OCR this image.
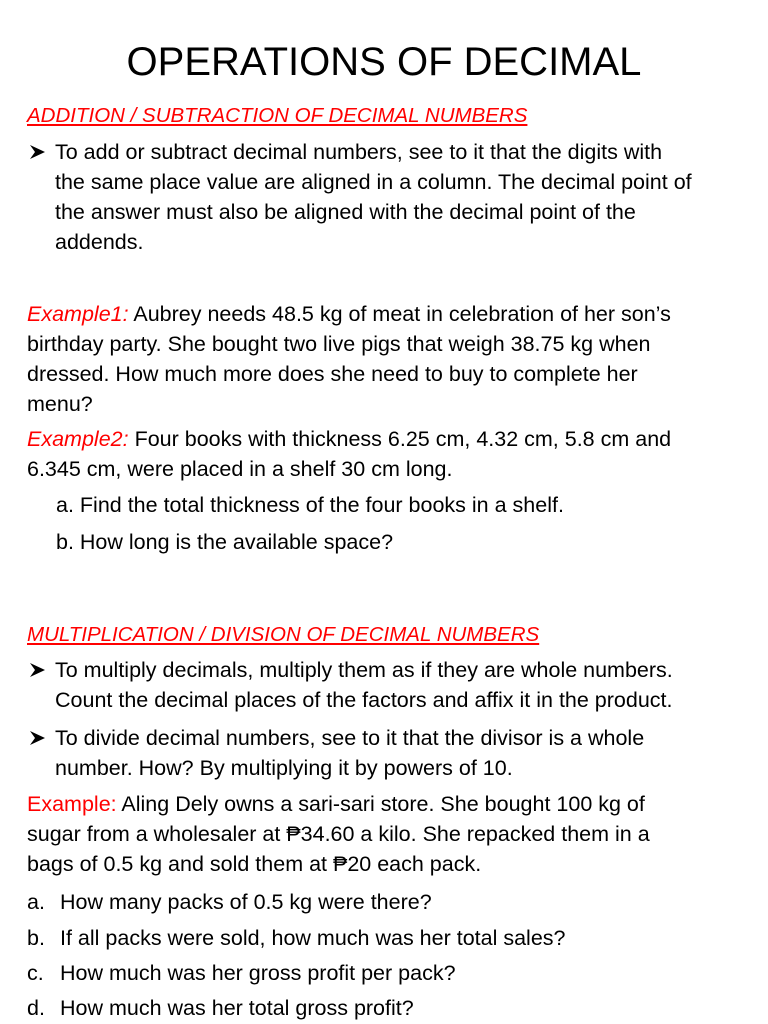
OPERATIONS OF DECIMAL
ADDITION / SUBTRACTION OF DECIMAL NUMBERS
To add or subtract decimal numbers, see to it that the digits with
the same place value are aligned in a column. The decimal point of
the answer must also be aligned with the decimal point of the
addends.
Example1: Aubrey needs 48.5 kg of meat in celebration of her son’s
birthday party. She bought two live pigs that weigh 38.75 kg when
dressed. How much more does she need to buy to complete her
menu?
Example2: Four books with thickness 6.25 cm, 4.32 cm, 5.8 cm and
6.345 cm, were placed in a shelf 30 cm long.
a. Find the total thickness of the four books in a shelf.
b. How long is the available space?
MULTIPLICATION / DIVISION OF DECIMAL NUMBERS
To multiply decimals, multiply them as if they are whole numbers.
Count the decimal places of the factors and affix it in the product.
To divide decimal numbers, see to it that the divisor is a whole
number. How? By multiplying it by powers of 10.
Example: Aling Dely owns a sari-sari store. She bought 100 kg of
sugar from a wholesaler at ₱34.60 a kilo. She repacked them in a
bags of 0.5 kg and sold them at ₱20 each pack.
a. How many packs of 0.5 kg were there?
b. If all packs were sold, how much was her total sales?
c. How much was her gross profit per pack?
d. How much was her total gross profit?
